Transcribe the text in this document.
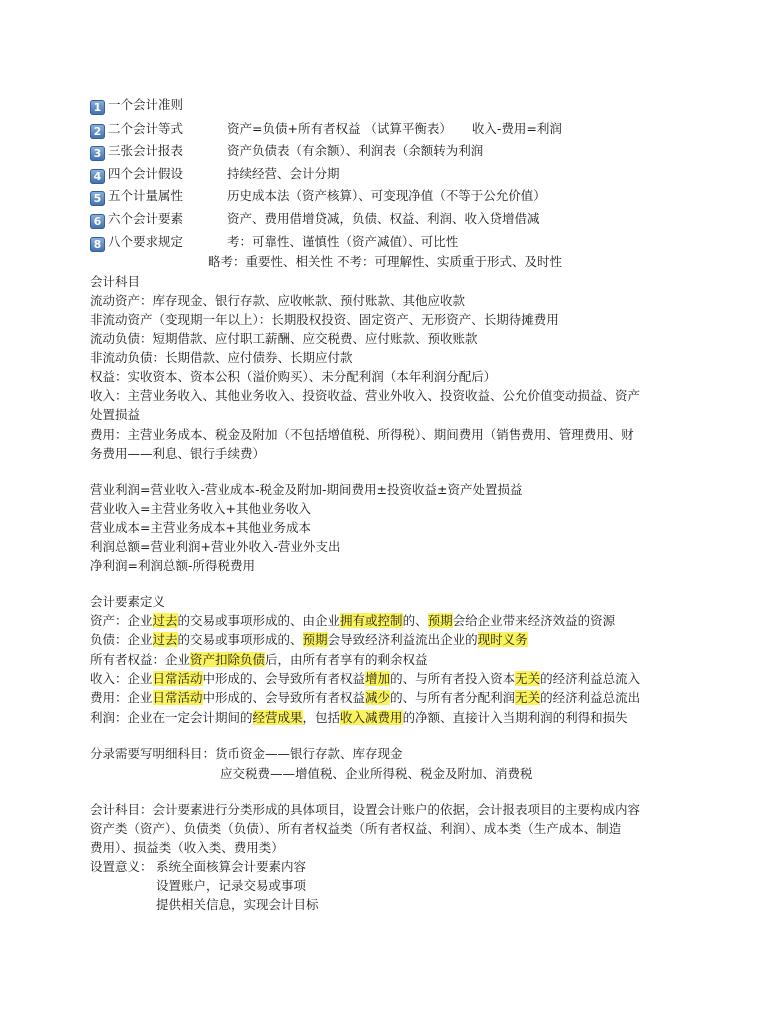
1 一个会计准则
2 二个会计等式	资产=负债+所有者权益 （试算平衡表） 收入-费用=利润
3 三张会计报表	资产负债表（有余额）、利润表（余额转为利润
4 四个会计假设	持续经营、会计分期
5 五个计量属性	历史成本法（资产核算）、可变现净值（不等于公允价值）
6 六个会计要素	资产、费用借增贷减，负债、权益、利润、收入贷增借减
8 八个要求规定	考：可靠性、谨慎性（资产减值）、可比性
略考：重要性、相关性 不考：可理解性、实质重于形式、及时性
会计科目
流动资产：库存现金、银行存款、应收帐款、预付账款、其他应收款
非流动资产（变现期一年以上）：长期股权投资、固定资产、无形资产、长期待摊费用
流动负债：短期借款、应付职工薪酬、应交税费、应付账款、预收账款
非流动负债：长期借款、应付债券、长期应付款
权益：实收资本、资本公积（溢价购买）、未分配利润（本年利润分配后）
收入：主营业务收入、其他业务收入、投资收益、营业外收入、投资收益、公允价值变动损益、资产
处置损益
费用：主营业务成本、税金及附加（不包括增值税、所得税）、期间费用（销售费用、管理费用、财
务费用——利息、银行手续费）
营业利润=营业收入-营业成本-税金及附加-期间费用±投资收益±资产处置损益
营业收入=主营业务收入+其他业务收入
营业成本=主营业务成本+其他业务成本
利润总额=营业利润+营业外收入-营业外支出
净利润=利润总额-所得税费用
会计要素定义
资产：企业过去的交易或事项形成的、由企业拥有或控制的、预期会给企业带来经济效益的资源
负债：企业过去的交易或事项形成的、预期会导致经济利益流出企业的现时义务
所有者权益：企业资产扣除负债后，由所有者享有的剩余权益
收入：企业日常活动中形成的、会导致所有者权益增加的、与所有者投入资本无关的经济利益总流入
费用：企业日常活动中形成的、会导致所有者权益减少的、与所有者分配利润无关的经济利益总流出
利润：企业在一定会计期间的经营成果，包括收入减费用的净额、直接计入当期利润的利得和损失
分录需要写明细科目：货币资金——银行存款、库存现金
应交税费——增值税、企业所得税、税金及附加、消费税
会计科目：会计要素进行分类形成的具体项目，设置会计账户的依据，会计报表项目的主要构成内容
资产类（资产）、负债类（负债）、所有者权益类（所有者权益、利润）、成本类（生产成本、制造
费用）、损益类（收入类、费用类）
设置意义： 系统全面核算会计要素内容
设置账户，记录交易或事项
提供相关信息，实现会计目标
